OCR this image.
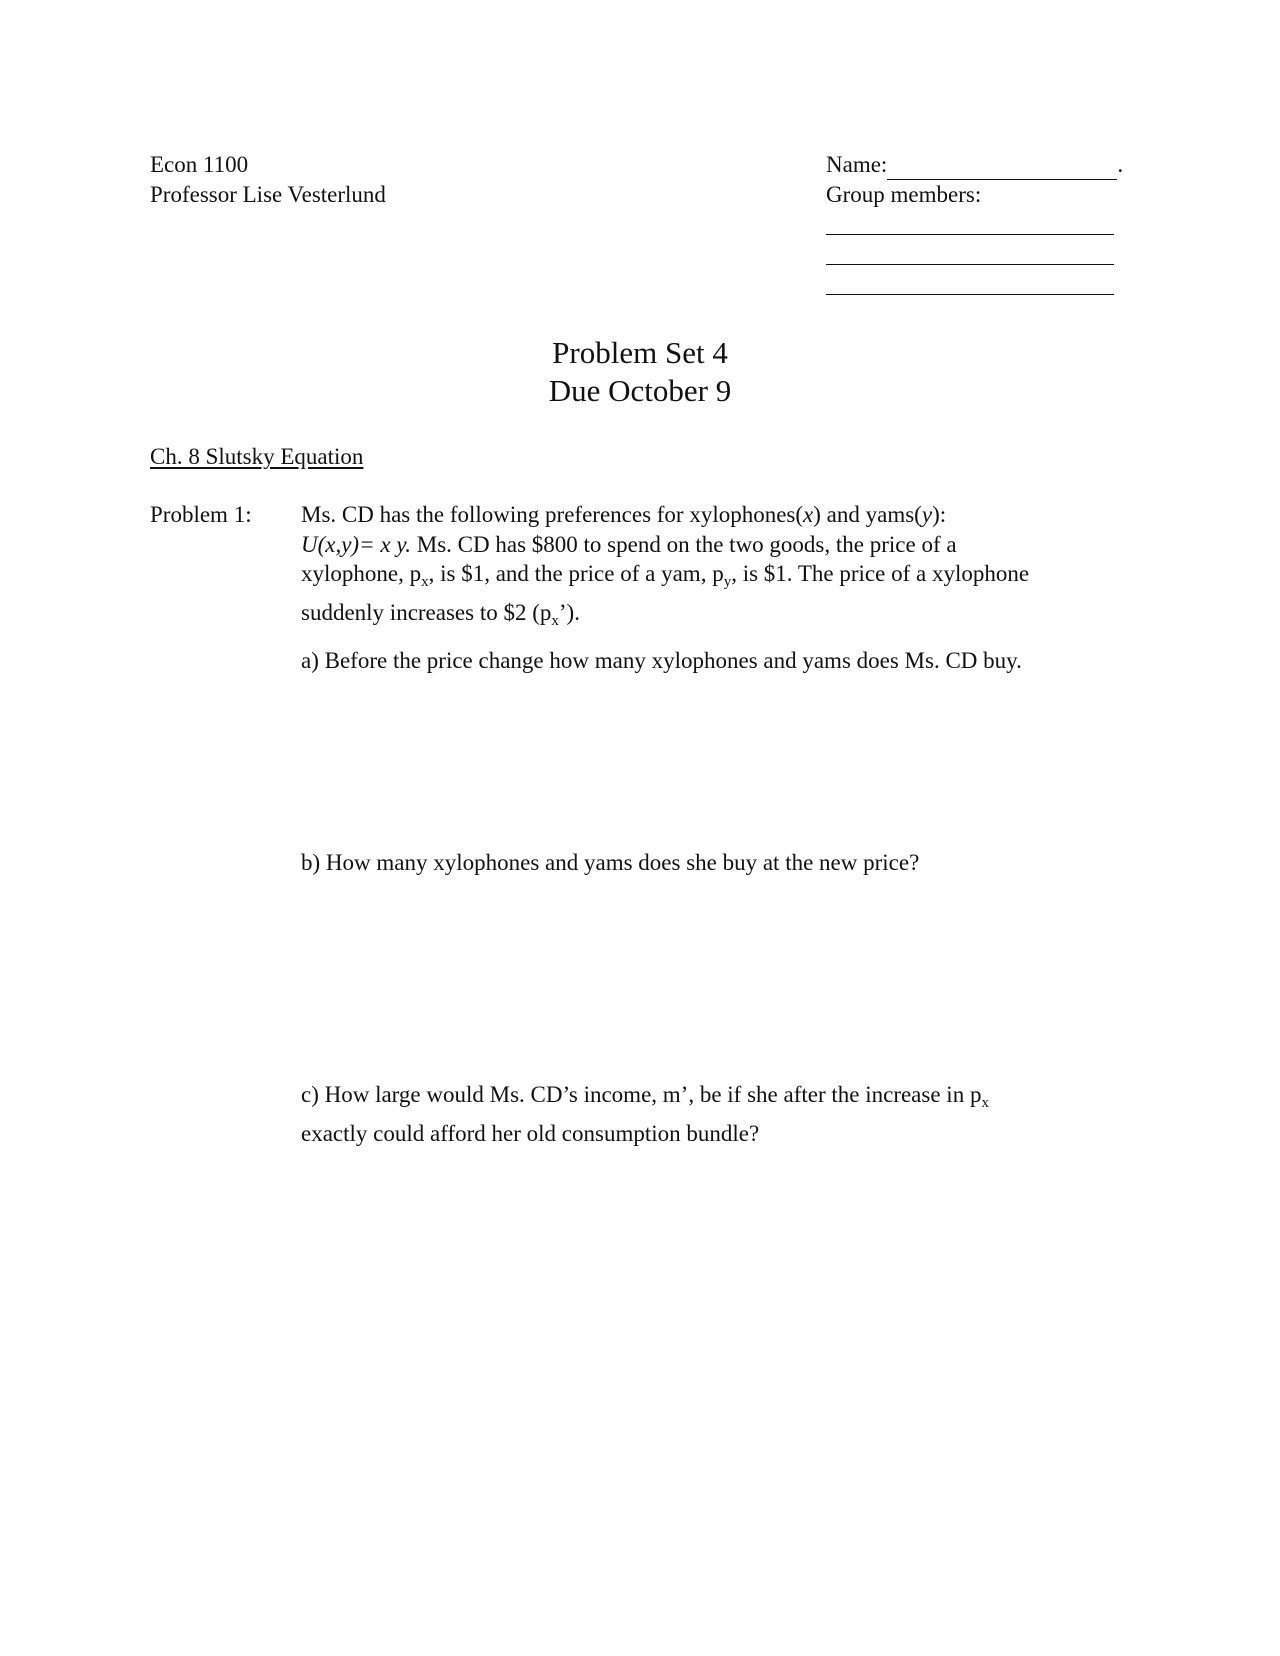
Econ 1100
Professor Lise Vesterlund
Name:	.
Group members:
Problem Set 4
Due October 9
Ch. 8 Slutsky Equation
Problem 1: Ms. CD has the following preferences for xylophones(x) and yams(y):
U(x,y)= x y. Ms. CD has $800 to spend on the two goods, the price of a
xylophone, $p_x$, is $1, and the price of a yam, $p_y$, is $1. The price of a xylophone
suddenly increases to $2 $(p_x’)$.
a) Before the price change how many xylophones and yams does Ms. CD buy.
b) How many xylophones and yams does she buy at the new price?
c) How large would Ms. CD’s income, m’, be if she after the increase in $p_x$
exactly could afford her old consumption bundle?
